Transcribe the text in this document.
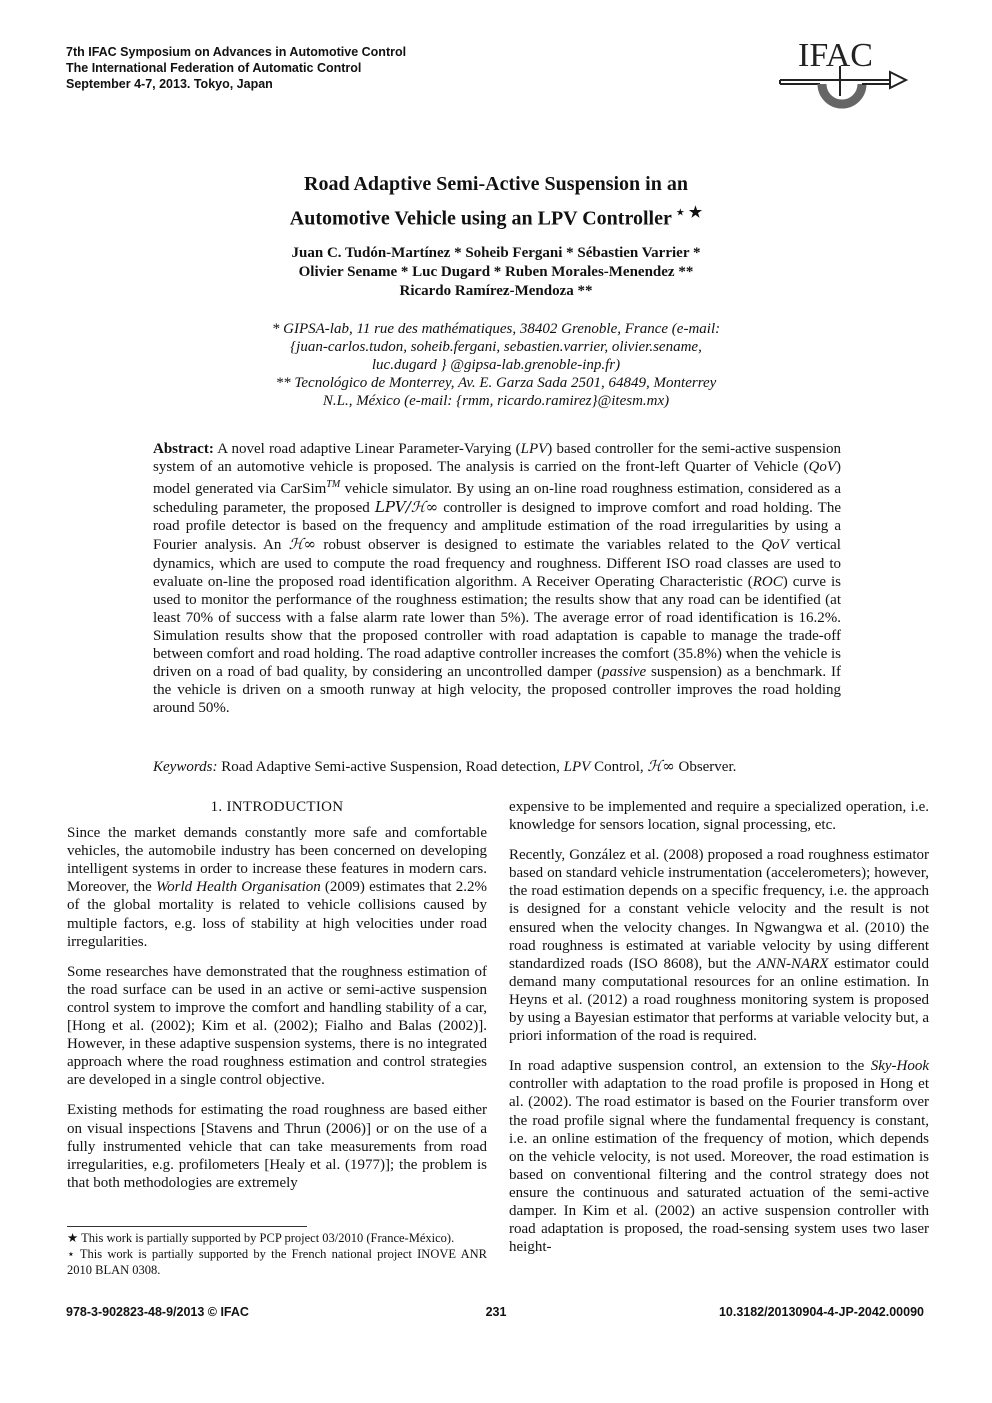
7th IFAC Symposium on Advances in Automotive Control
The International Federation of Automatic Control
September 4-7, 2013. Tokyo, Japan
IFAC
Road Adaptive Semi-Active Suspension in an
Automotive Vehicle using an LPV Controller ⋆ ★
Juan C. Tudón-Martínez * Soheib Fergani * Sébastien Varrier *
Olivier Sename * Luc Dugard * Ruben Morales-Menendez **
Ricardo Ramírez-Mendoza **

* GIPSA-lab, 11 rue des mathématiques, 38402 Grenoble, France (e-mail:

{juan-carlos.tudon, soheib.fergani, sebastien.varrier, olivier.sename,

luc.dugard } @gipsa-lab.grenoble-inp.fr)

** Tecnológico de Monterrey, Av. E. Garza Sada 2501, 64849, Monterrey

N.L., México (e-mail: {rmm, ricardo.ramirez}@itesm.mx)

Abstract: A novel road adaptive Linear Parameter-Varying (LPV) based controller for the semi-active suspension system of an automotive vehicle is proposed. The analysis is carried on the front-left Quarter of Vehicle (QoV) model generated via CarSim™ vehicle simulator. By using an on-line road roughness estimation, considered as a scheduling parameter, the proposed LPV/ℋ∞ controller is designed to improve comfort and road holding. The road profile detector is based on the frequency and amplitude estimation of the road irregularities by using a Fourier analysis. An ℋ∞ robust observer is designed to estimate the variables related to the QoV vertical dynamics, which are used to compute the road frequency and roughness. Different ISO road classes are used to evaluate on-line the proposed road identification algorithm. A Receiver Operating Characteristic (ROC) curve is used to monitor the performance of the roughness estimation; the results show that any road can be identified (at least 70% of success with a false alarm rate lower than 5%). The average error of road identification is 16.2%. Simulation results show that the proposed controller with road adaptation is capable to manage the trade-off between comfort and road holding. The road adaptive controller increases the comfort (35.8%) when the vehicle is driven on a road of bad quality, by considering an uncontrolled damper (passive suspension) as a benchmark. If the vehicle is driven on a smooth runway at high velocity, the proposed controller improves the road holding around 50%.

Keywords: Road Adaptive Semi-active Suspension, Road detection, LPV Control, ℋ∞ Observer.

1. INTRODUCTION

Since the market demands constantly more safe and comfortable vehicles, the automobile industry has been concerned on developing intelligent systems in order to increase these features in modern cars. Moreover, the World Health Organisation (2009) estimates that 2.2% of the global mortality is related to vehicle collisions caused by multiple factors, e.g. loss of stability at high velocities under road irregularities.

Some researches have demonstrated that the roughness estimation of the road surface can be used in an active or semi-active suspension control system to improve the comfort and handling stability of a car, [Hong et al. (2002); Kim et al. (2002); Fialho and Balas (2002)]. However, in these adaptive suspension systems, there is no integrated approach where the road roughness estimation and control strategies are developed in a single control objective.

Existing methods for estimating the road roughness are based either on visual inspections [Stavens and Thrun (2006)] or on the use of a fully instrumented vehicle that can take measurements from road irregularities, e.g. profilometers [Healy et al. (1977)]; the problem is that both methodologies are extremely

expensive to be implemented and require a specialized operation, i.e. knowledge for sensors location, signal processing, etc.

Recently, González et al. (2008) proposed a road roughness estimator based on standard vehicle instrumentation (accelerometers); however, the road estimation depends on a specific frequency, i.e. the approach is designed for a constant vehicle velocity and the result is not ensured when the velocity changes. In Ngwangwa et al. (2010) the road roughness is estimated at variable velocity by using different standardized roads (ISO 8608), but the ANN-NARX estimator could demand many computational resources for an online estimation. In Heyns et al. (2012) a road roughness monitoring system is proposed by using a Bayesian estimator that performs at variable velocity but, a priori information of the road is required.

In road adaptive suspension control, an extension to the Sky-Hook controller with adaptation to the road profile is proposed in Hong et al. (2002). The road estimator is based on the Fourier transform over the road profile signal where the fundamental frequency is constant, i.e. an online estimation of the frequency of motion, which depends on the vehicle velocity, is not used. Moreover, the road estimation is based on conventional filtering and the control strategy does not ensure the continuous and saturated actuation of the semi-active damper. In Kim et al. (2002) an active suspension controller with road adaptation is proposed, the road-sensing system uses two laser height-

★ This work is partially supported by PCP project 03/2010 (France-México).

⋆ This work is partially supported by the French national project INOVE ANR 2010 BLAN 0308.

978-3-902823-48-9/2013 © IFAC	231	10.3182/20130904-4-JP-2042.00090
